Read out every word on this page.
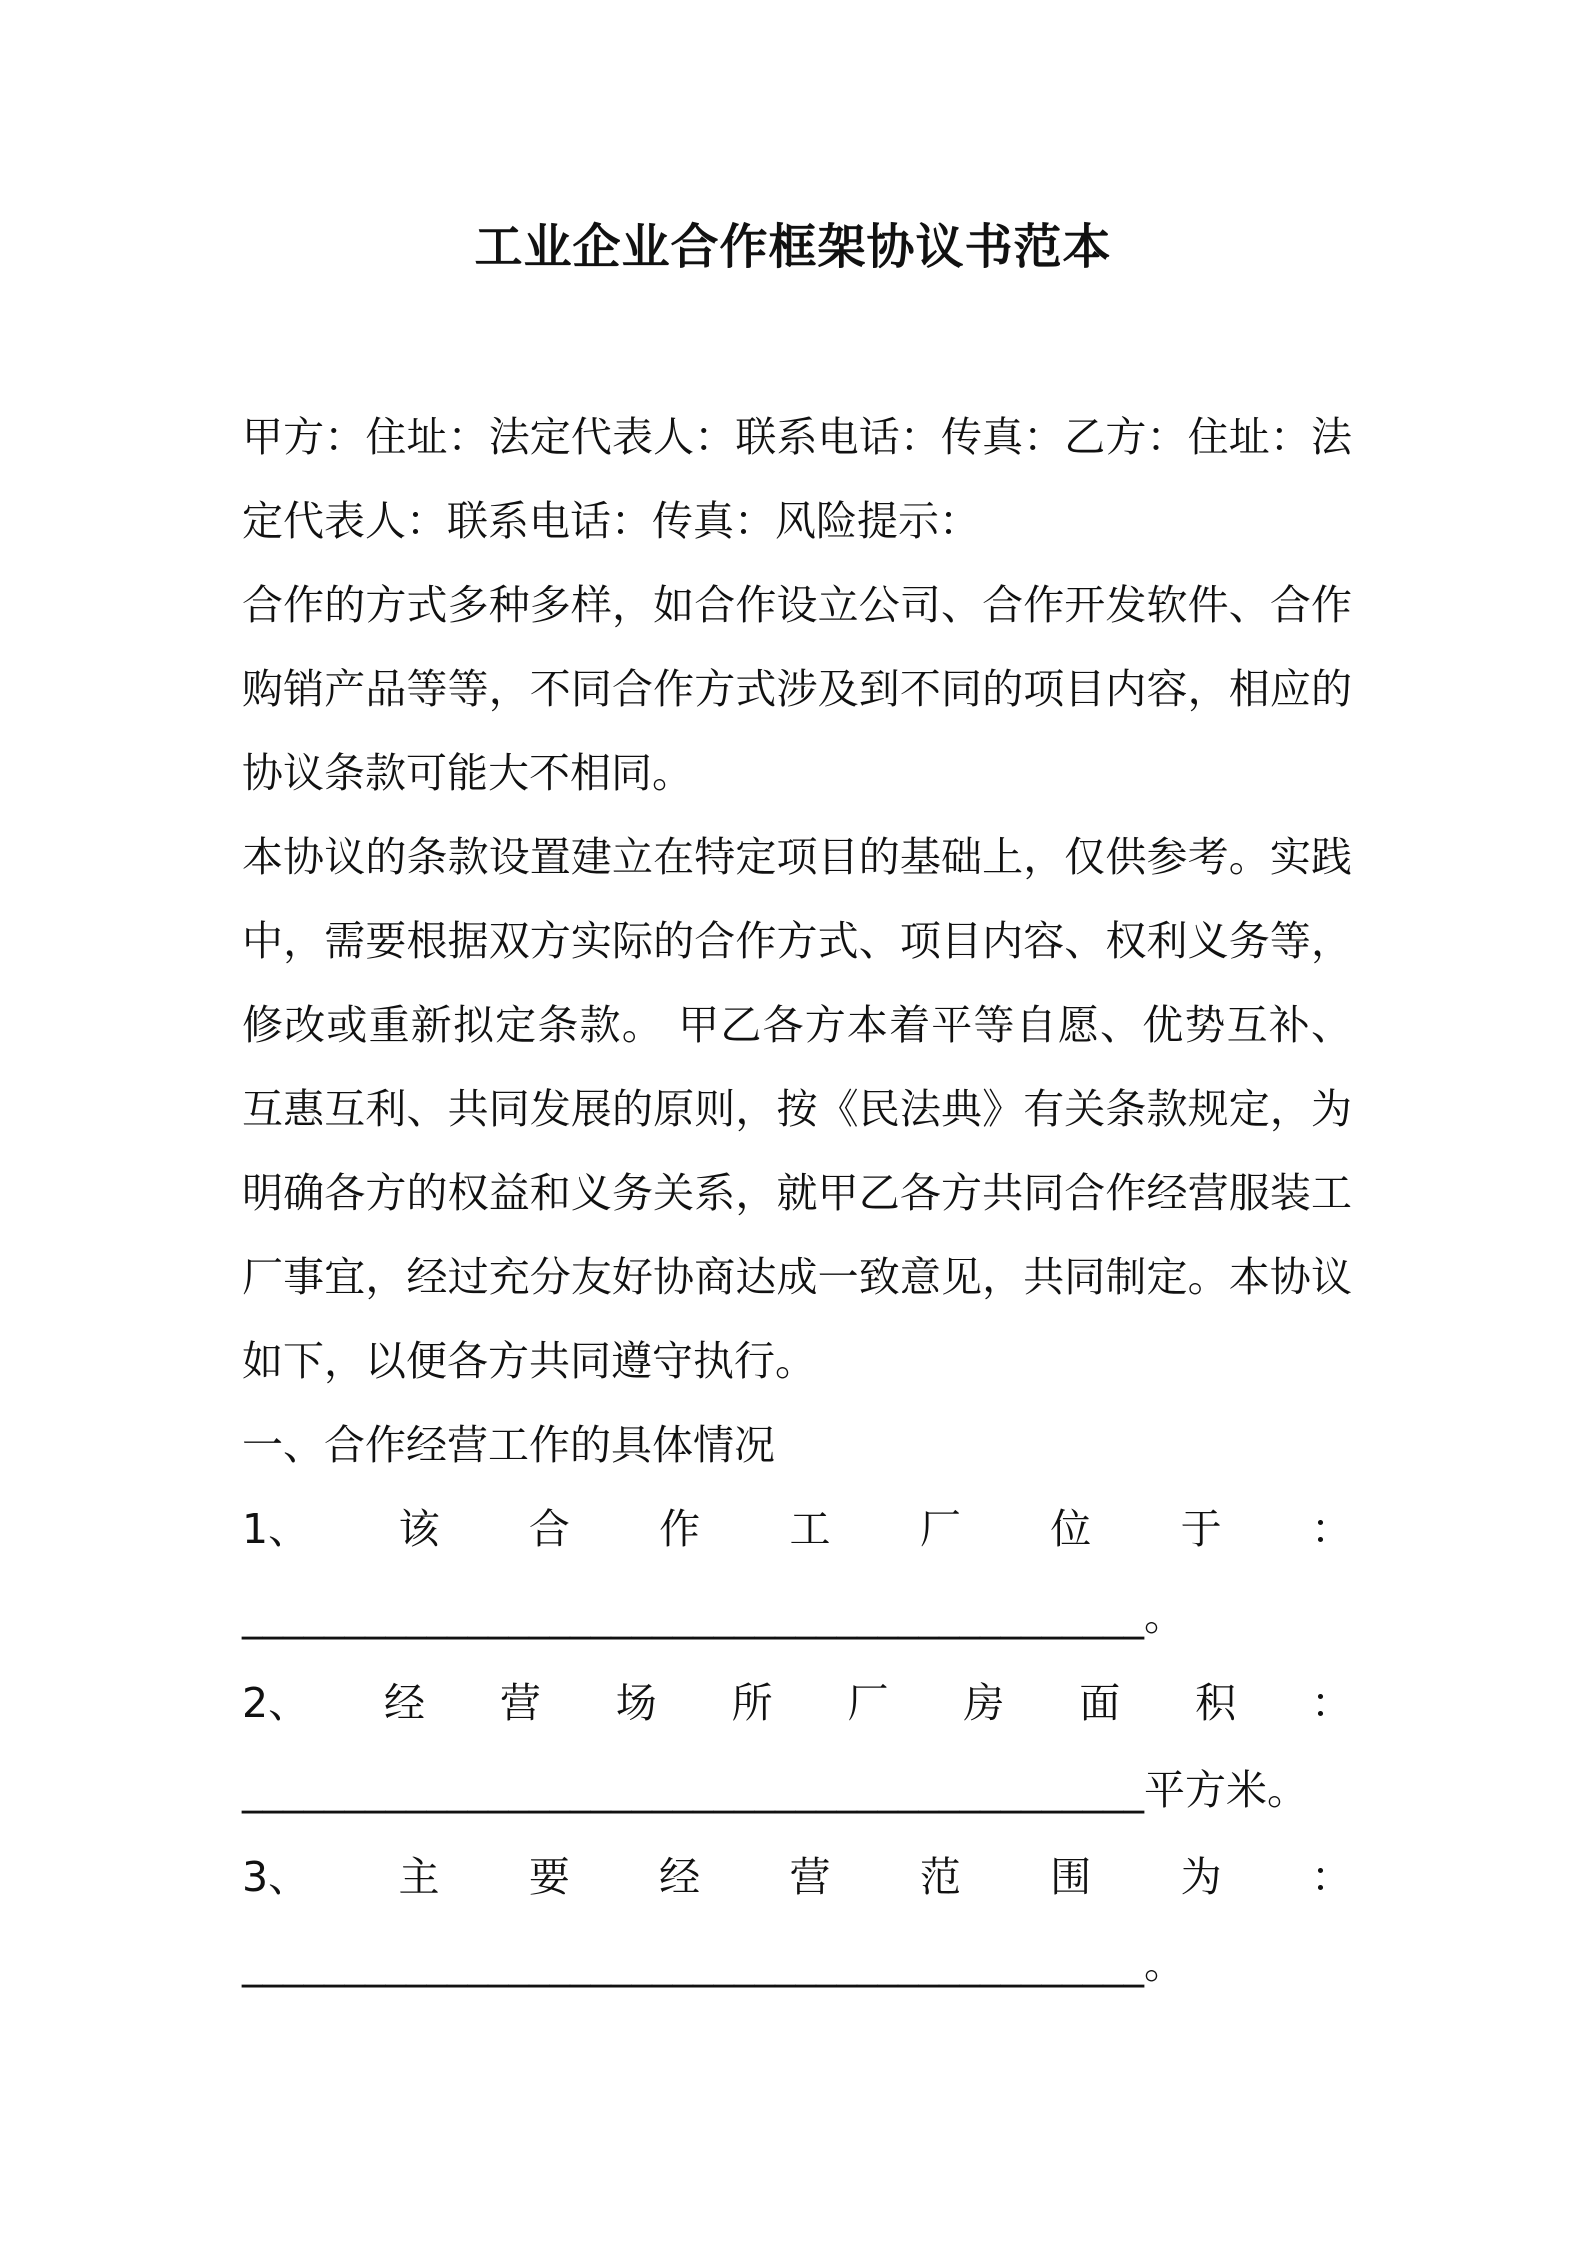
工业企业合作框架协议书范本

甲方：住址：法定代表人：联系电话：传真：乙方：住址：法定代表人：联系电话：传真：风险提示：

合作的方式多种多样，如合作设立公司、合作开发软件、合作购销产品等等，不同合作方式涉及到不同的项目内容，相应的协议条款可能大不相同。

本协议的条款设置建立在特定项目的基础上，仅供参考。实践中，需要根据双方实际的合作方式、项目内容、权利义务等，修改或重新拟定条款。 甲乙各方本着平等自愿、优势互补、互惠互利、共同发展的原则，按《民法典》有关条款规定，为明确各方的权益和义务关系，就甲乙各方共同合作经营服装工厂事宜，经过充分友好协商达成一致意见，共同制定。本协议如下，以便各方共同遵守执行。

一、合作经营工作的具体情况

1、 该 合 作 工 厂 位 于 ：
____________________________________________。
2、 经 营 场 所 厂 房 面 积 ：
____________________________________________平方米。
3、 主 要 经 营 范 围 为 ：
____________________________________________。
